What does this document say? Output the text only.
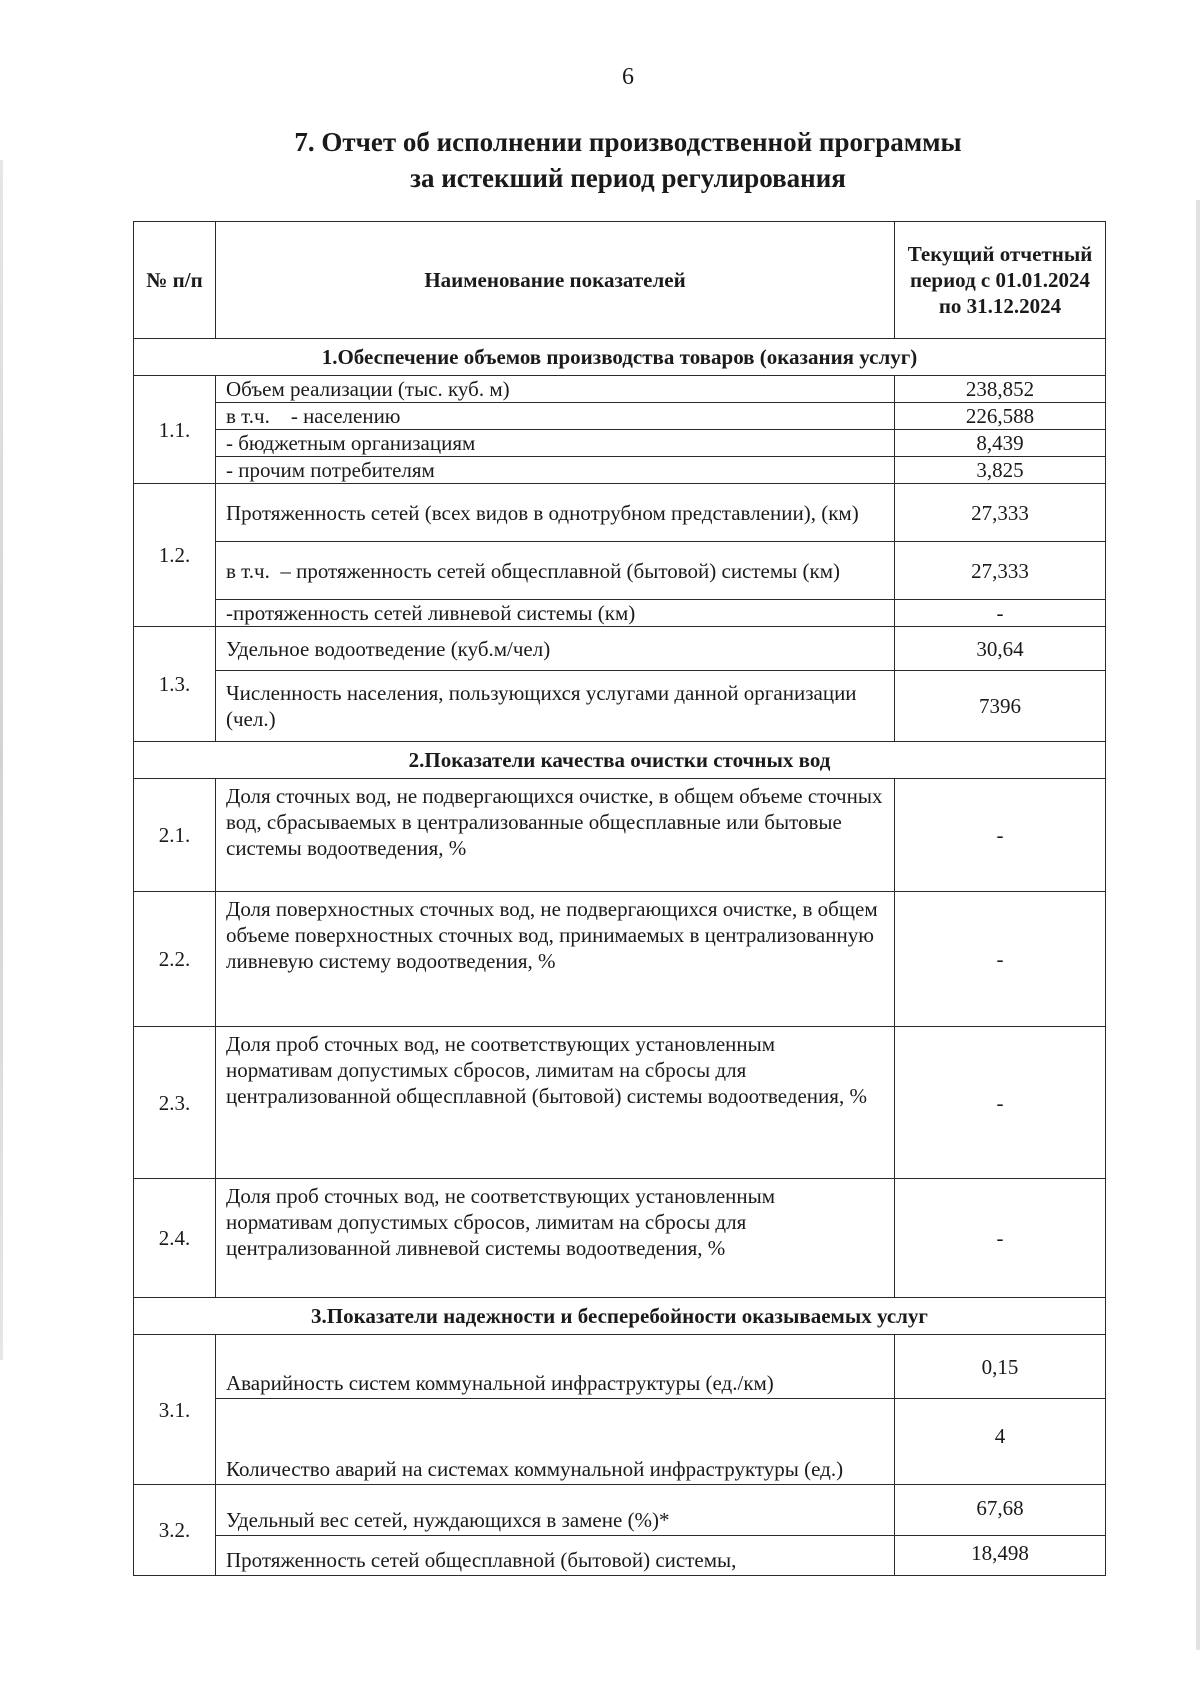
6
7. Отчет об исполнении производственной программы
за истекший период регулирования
№ п/п	Наименование показателей	Текущий отчетный период с 01.01.2024 по 31.12.2024
1.Обеспечение объемов производства товаров (оказания услуг)		
1.1.	Объем реализации (тыс. куб. м)	238,852
	в т.ч.    - населению	226,588
	- бюджетным организациям	8,439
	- прочим потребителям	3,825
1.2.	Протяженность сетей (всех видов в однотрубном представлении), (км)	27,333
	в т.ч.  – протяженность сетей общесплавной (бытовой) системы (км)	27,333
	-протяженность сетей ливневой системы (км)	-
1.3.	Удельное водоотведение (куб.м/чел)	30,64
	Численность населения, пользующихся услугами данной организации (чел.)	7396
2.Показатели качества очистки сточных вод		
2.1.	Доля сточных вод, не подвергающихся очистке, в общем объеме сточных вод, сбрасываемых в централизованные общесплавные или бытовые системы водоотведения, %	-
2.2.	Доля поверхностных сточных вод, не подвергающихся очистке, в общем объеме поверхностных сточных вод, принимаемых в централизованную ливневую систему водоотведения, %	-
2.3.	Доля проб сточных вод, не соответствующих установленным нормативам допустимых сбросов, лимитам на сбросы для централизованной общесплавной (бытовой) системы водоотведения, %	-
2.4.	Доля проб сточных вод, не соответствующих установленным нормативам допустимых сбросов, лимитам на сбросы для централизованной ливневой системы водоотведения, %	-
3.Показатели надежности и бесперебойности оказываемых услуг		
3.1.	Аварийность систем коммунальной инфраструктуры (ед./км)	0,15
	Количество аварий на системах коммунальной инфраструктуры (ед.)	4
3.2.	Удельный вес сетей, нуждающихся в замене (%)*	67,68
	Протяженность сетей общесплавной (бытовой) системы,	18,498
